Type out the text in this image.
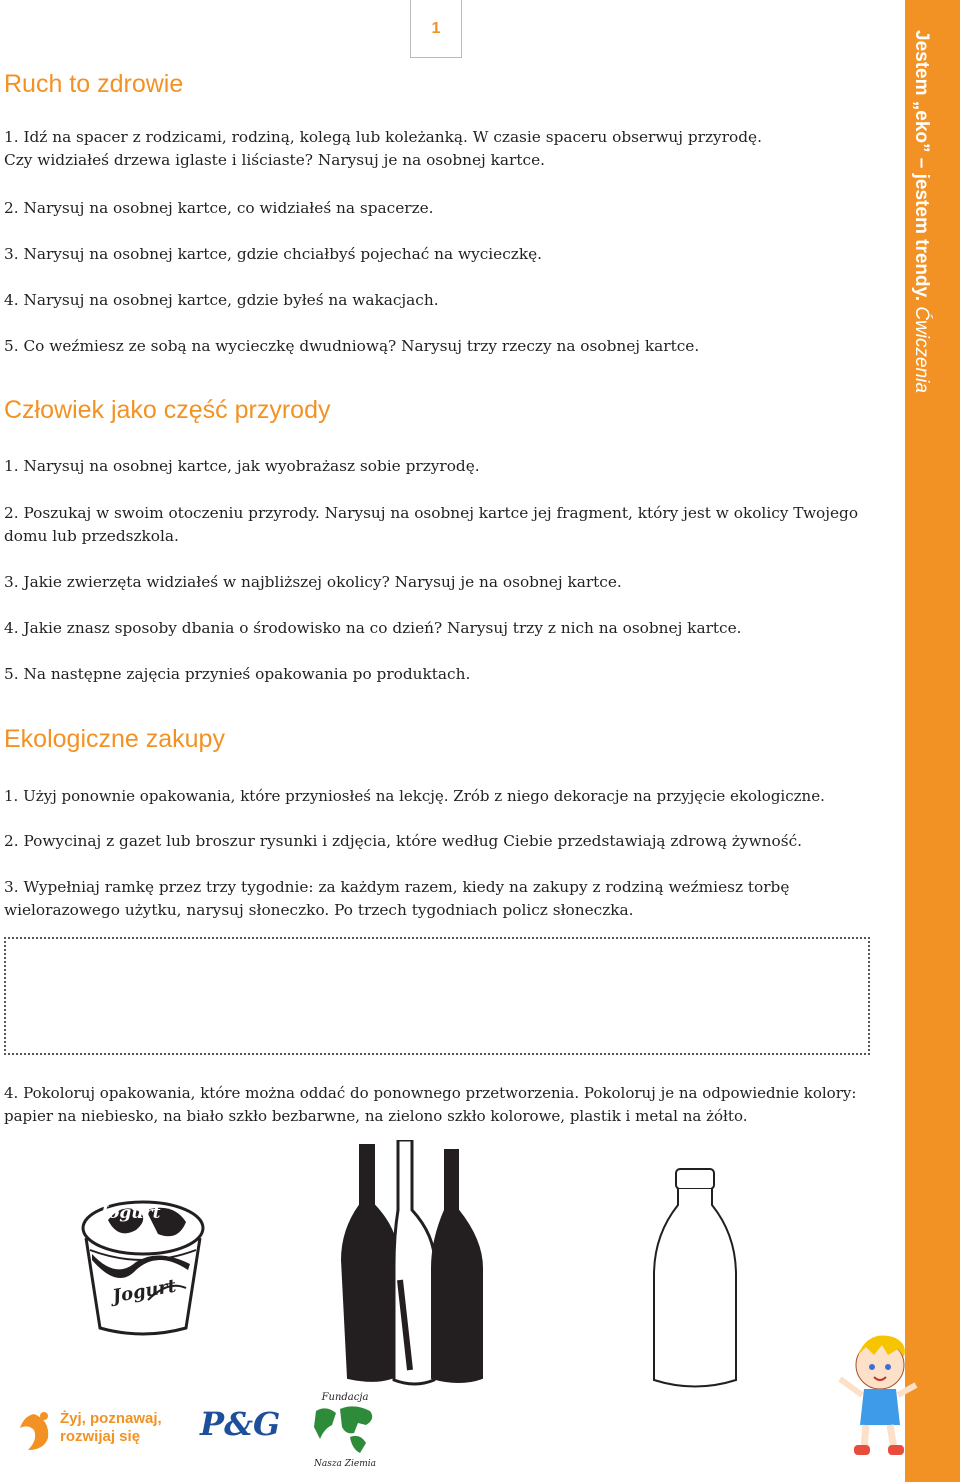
1
Jestem „eko” – jestem trendy. Ćwiczenia
Ruch to zdrowie

1. Idź na spacer z rodzicami, rodziną, kolegą lub koleżanką. W czasie spaceru obserwuj przyrodę.

Czy widziałeś drzewa iglaste i liściaste? Narysuj je na osobnej kartce.

2. Narysuj na osobnej kartce, co widziałeś na spacerze.

3. Narysuj na osobnej kartce, gdzie chciałbyś pojechać na wycieczkę.

4. Narysuj na osobnej kartce, gdzie byłeś na wakacjach.

5. Co weźmiesz ze sobą na wycieczkę dwudniową? Narysuj trzy rzeczy na osobnej kartce.

Człowiek jako część przyrody

1. Narysuj na osobnej kartce, jak wyobrażasz sobie przyrodę.

2. Poszukaj w swoim otoczeniu przyrody. Narysuj na osobnej kartce jej fragment, który jest w okolicy Twojego domu lub przedszkola.

3. Jakie zwierzęta widziałeś w najbliższej okolicy? Narysuj je na osobnej kartce.

4. Jakie znasz sposoby dbania o środowisko na co dzień? Narysuj trzy z nich na osobnej kartce.

5. Na następne zajęcia przynieś opakowania po produktach.

Ekologiczne zakupy

1. Użyj ponownie opakowania, które przyniosłeś na lekcję. Zrób z niego dekoracje na przyjęcie ekologiczne.

2. Powycinaj z gazet lub broszur rysunki i zdjęcia, które według Ciebie przedstawiają zdrową żywność.

3. Wypełniaj ramkę przez trzy tygodnie: za każdym razem, kiedy na zakupy z rodziną weźmiesz torbę wielorazowego użytku, narysuj słoneczko. Po trzech tygodniach policz słoneczka.

4. Pokoloruj opakowania, które można oddać do ponownego przetworzenia. Pokoloruj je na odpowiednie kolory: papier na niebiesko, na biało szkło bezbarwne, na zielono szkło kolorowe, plastik i metal na żółto.

Jogurt
Jogurt
Żyj, poznawaj,
rozwijaj się	P&G
Fundacja
Nasza Ziemia
